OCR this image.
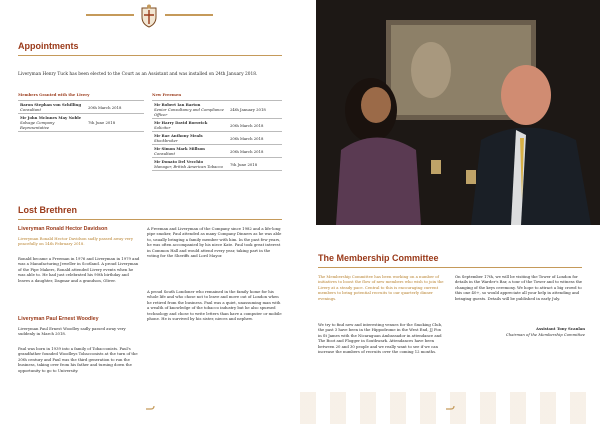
Appointments

Liveryman Henry Tuck has been elected to the Court as an Assistant and was installed on 24th January 2018.

Members Granted with the Livery	New Freemen
Baron Stephan von Schilling
Consultant	20th March 2018

Mr John McInnes May Noble
Salvage Company Representative	7th June 2018
Mr Robert Ian Barton
Senior Consultancy and Compliance Officer	24th January 2018

Mr Harry David Borovick
Solicitor	20th March 2018

Mr Rae Anthony Meals
Stockbroker	20th March 2018

Mr Simon Mark Millson
Consultant	20th March 2018

Mr Donato Del Vecchio
Manager, British American Tobacco	7th June 2018
Lost Brethren
Liveryman Ronald Hector Davidson

Liveryman Ronald Hector Davidson sadly passed away very peacefully on 14th February 2018.

Ronald became a Freeman in 1976 and Liveryman in 1979 and was a Manufacturing Jeweller in Scotland. A proud Liveryman of the Pipe Makers, Ronald attended Livery events when he was able to. He had just celebrated his 90th birthday and leaves a daughter, Dagmar and a grandson, Oliver.

Liveryman Paul Ernest Woodley

Liveryman Paul Ernest Woodley sadly passed away very suddenly in March 2018.

Paul was born in 1939 into a family of Tobacconists. Paul's grandfather founded Woodleys Tobacconists at the turn of the 20th century and Paul was the third generation to run the business, taking over from his father and turning down the opportunity to go to University.

A Freeman and Liveryman of the Company since 1982 and a life-long pipe smoker, Paul attended as many Company Dinners as he was able to, usually bringing a family member with him. In the past few years, he was often accompanied by his niece Kate. Paul took great interest in Common Hall and would attend every year, taking part in the voting for the Sheriffs and Lord Mayor.

A proud South Londoner who remained in the family home for his whole life and who chose not to leave and move out of London when he retired from the business. Paul was a quiet, unassuming man with a wealth of knowledge of the tobacco industry but he also spurned technology and chose to write letters than have a computer or mobile phone. He is survived by his sister, nieces and nephew.

The Membership Committee

The Membership Committee has been working on a number of initiatives to boost the flow of new members who wish to join the Livery at a steady pace. Central to this is encouraging current members to bring potential recruits to our quarterly dinner evenings.

We try to find new and interesting venues for the Smoking Club, the past 3 have been in the Hippodrome in the West End, JJ Fox in St James with the Nicaraguan Ambassador in attendance and The Boot and Flogger in Southwark. Attendances have been between 20 and 30 people and we really want to see if we can increase the numbers of recruits over the coming 12 months.

On September 17th, we will be visiting the Tower of London for details in the Warder's Bar, a tour of the Tower and to witness the changing of the keys ceremony. We hope to attract a big crowd to this one 40+, so would appreciate all your help in attending and bringing guests. Details will be published in early July.

Assistant Tony Scanlan

Chairman of the Membership Committee
